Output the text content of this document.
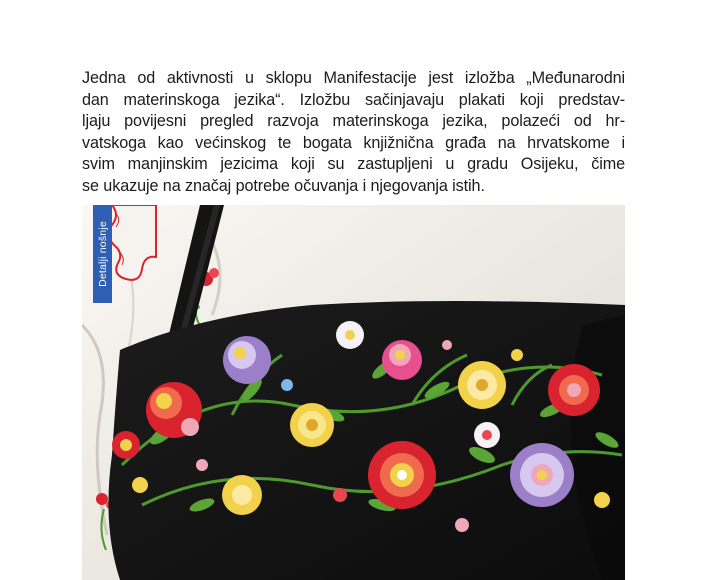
Jedna od aktivnosti u sklopu Manifestacije jest izložba „Međunarodni
dan materinskoga jezika“. Izložbu sačinjavaju plakati koji predstav-
ljaju povijesni pregled razvoja materinskoga jezika, polazeći od hr-
vatskoga kao većinskog te bogata knjižnična građa na hrvatskome i
svim manjinskim jezicima koji su zastupljeni u gradu Osijeku, čime
se ukazuje na značaj potrebe očuvanja i njegovanja istih.

Detalji nošnje
